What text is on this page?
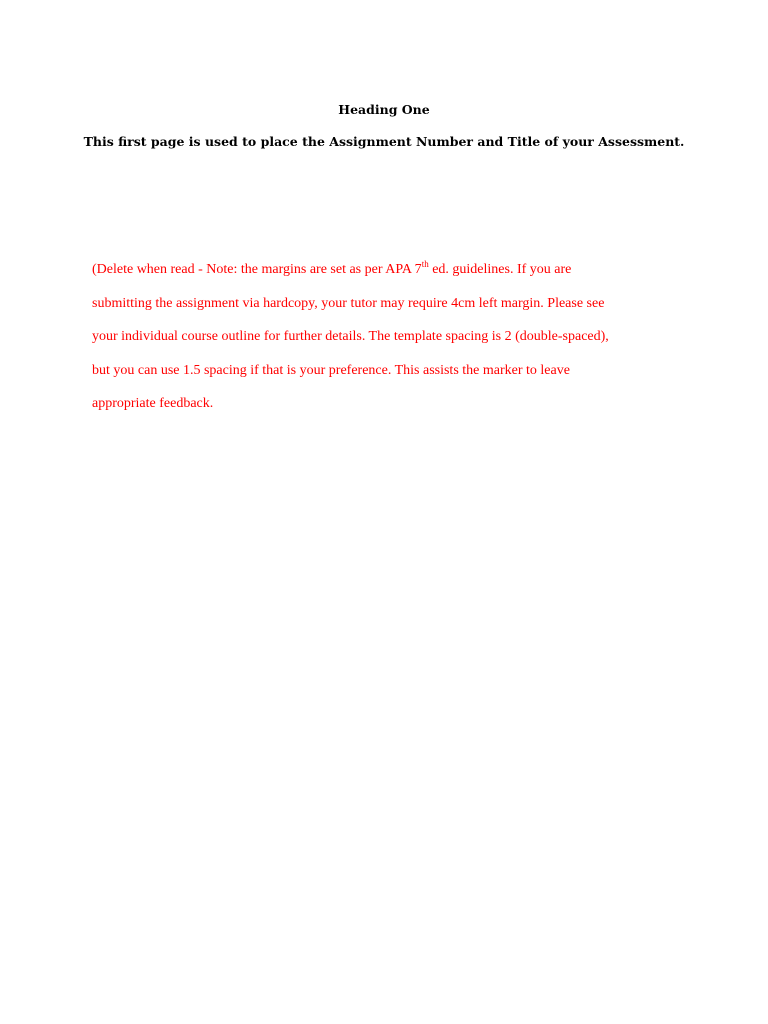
Heading One

This first page is used to place the Assignment Number and Title of your Assessment.

(Delete when read - Note: the margins are set as per APA 7th ed. guidelines. If you are
submitting the assignment via hardcopy, your tutor may require 4cm left margin. Please see
your individual course outline for further details. The template spacing is 2 (double-spaced),
but you can use 1.5 spacing if that is your preference. This assists the marker to leave
appropriate feedback.
